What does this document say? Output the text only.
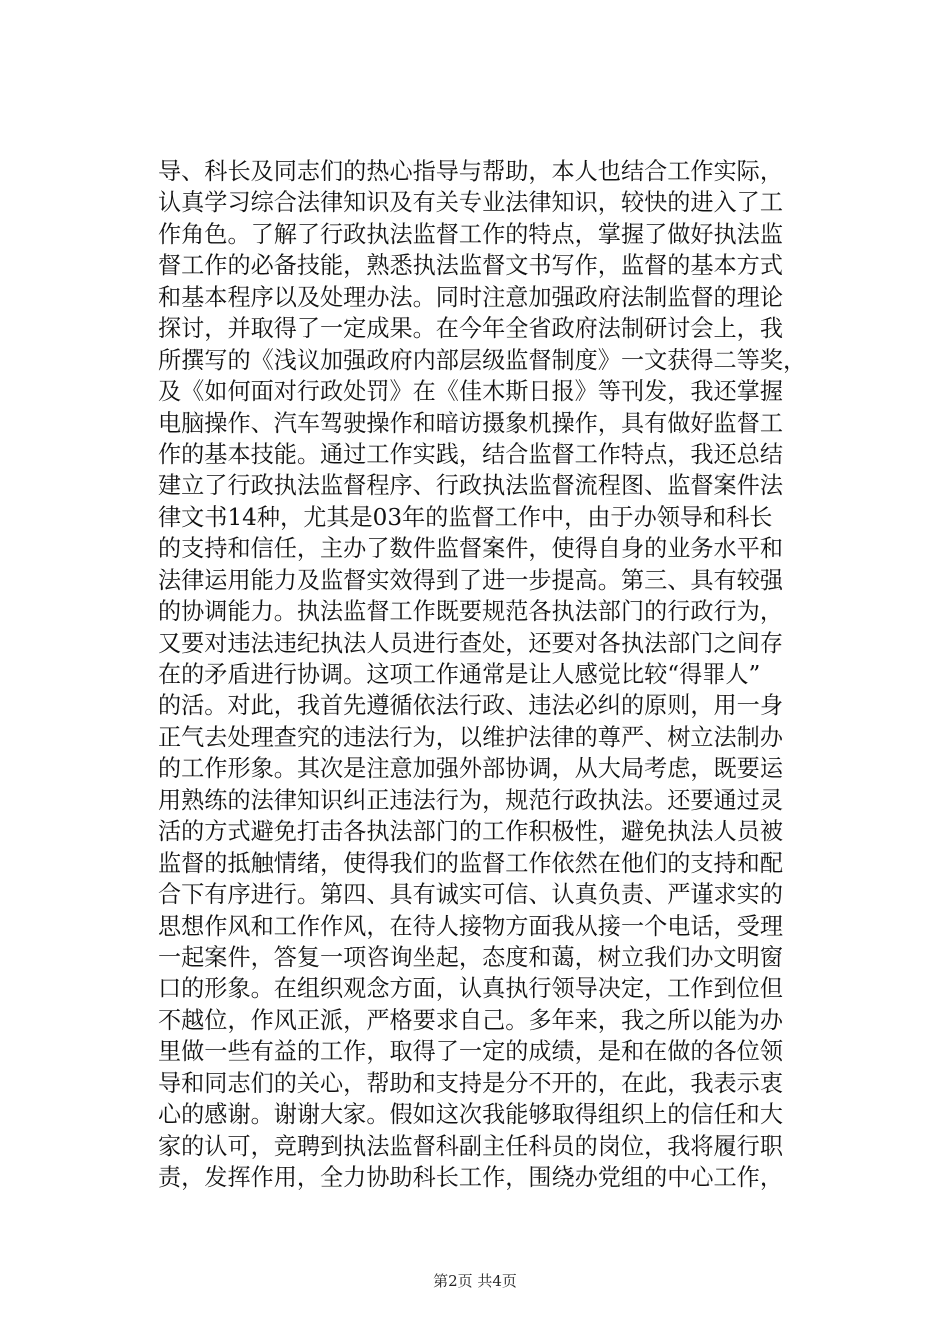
导、科长及同志们的热心指导与帮助，本人也结合工作实际，
认真学习综合法律知识及有关专业法律知识，较快的进入了工
作角色。了解了行政执法监督工作的特点，掌握了做好执法监
督工作的必备技能，熟悉执法监督文书写作，监督的基本方式
和基本程序以及处理办法。同时注意加强政府法制监督的理论
探讨，并取得了一定成果。在今年全省政府法制研讨会上，我
所撰写的《浅议加强政府内部层级监督制度》一文获得二等奖，
及《如何面对行政处罚》在《佳木斯日报》等刊发，我还掌握
电脑操作、汽车驾驶操作和暗访摄象机操作，具有做好监督工
作的基本技能。通过工作实践，结合监督工作特点，我还总结
建立了行政执法监督程序、行政执法监督流程图、监督案件法
律文书14种，尤其是03年的监督工作中，由于办领导和科长
的支持和信任，主办了数件监督案件，使得自身的业务水平和
法律运用能力及监督实效得到了进一步提高。第三、具有较强
的协调能力。执法监督工作既要规范各执法部门的行政行为，
又要对违法违纪执法人员进行查处，还要对各执法部门之间存
在的矛盾进行协调。这项工作通常是让人感觉比较“得罪人”
的活。对此，我首先遵循依法行政、违法必纠的原则，用一身
正气去处理查究的违法行为，以维护法律的尊严、树立法制办
的工作形象。其次是注意加强外部协调，从大局考虑，既要运
用熟练的法律知识纠正违法行为，规范行政执法。还要通过灵
活的方式避免打击各执法部门的工作积极性，避免执法人员被
监督的抵触情绪，使得我们的监督工作依然在他们的支持和配
合下有序进行。第四、具有诚实可信、认真负责、严谨求实的
思想作风和工作作风，在待人接物方面我从接一个电话，受理
一起案件，答复一项咨询坐起，态度和蔼，树立我们办文明窗
口的形象。在组织观念方面，认真执行领导决定，工作到位但
不越位，作风正派，严格要求自己。多年来，我之所以能为办
里做一些有益的工作，取得了一定的成绩，是和在做的各位领
导和同志们的关心，帮助和支持是分不开的，在此，我表示衷
心的感谢。谢谢大家。假如这次我能够取得组织上的信任和大
家的认可，竞聘到执法监督科副主任科员的岗位，我将履行职
责，发挥作用，全力协助科长工作，围绕办党组的中心工作，
第2页 共4页
